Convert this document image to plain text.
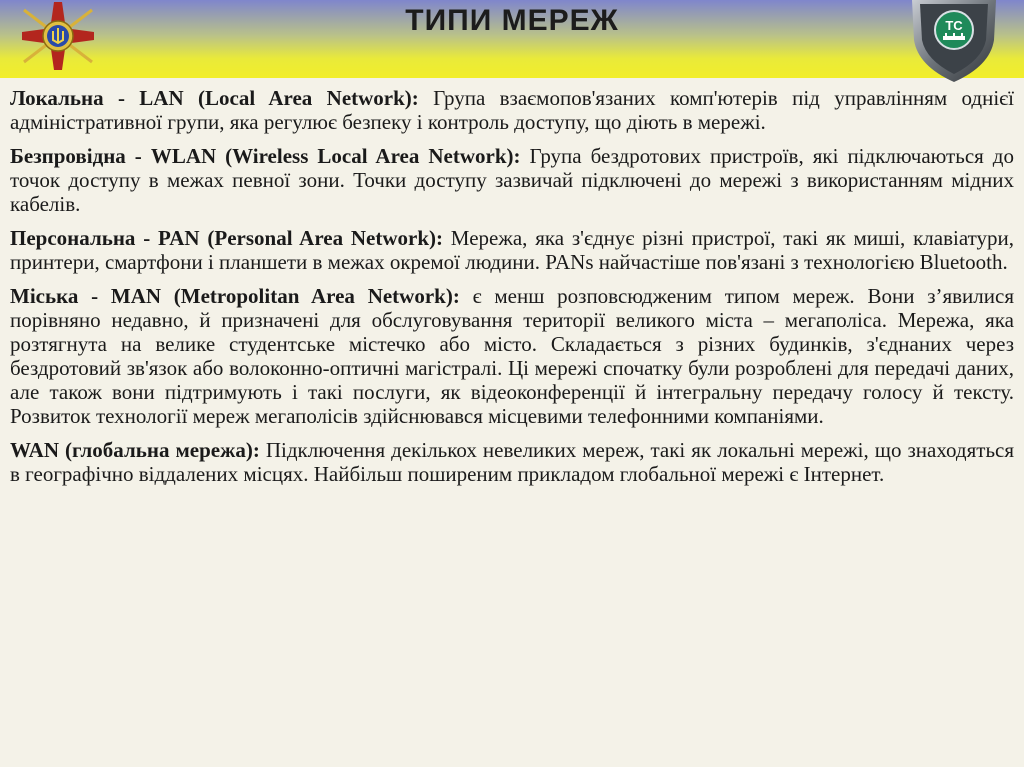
ТИПИ МЕРЕЖ	ТС

Локальна - LAN (Local Area Network): Група взаємопов'язаних комп'ютерів під управлінням однієї адміністративної групи, яка регулює безпеку і контроль доступу, що діють в мережі.

Безпровідна - WLAN (Wireless Local Area Network): Група бездротових пристроїв, які підключаються до точок доступу в межах певної зони. Точки доступу зазвичай підключені до мережі з використанням мідних кабелів.

Персональна - PAN (Personal Area Network): Мережа, яка з'єднує різні пристрої, такі як миші, клавіатури, принтери, смартфони і планшети в межах окремої людини. PANs найчастіше пов'язані з технологією Bluetooth.

Міська - MAN (Metropolitan Area Network): є менш розповсюдженим типом мереж. Вони з’явилися порівняно недавно, й призначені для обслуговування території великого міста – мегаполіса. Мережа, яка розтягнута на велике студентське містечко або місто. Складається з різних будинків, з'єднаних через бездротовий зв'язок або волоконно-оптичні магістралі. Ці мережі спочатку були розроблені для передачі даних, але також вони підтримують і такі послуги, як відеоконференції й інтегральну передачу голосу й тексту. Розвиток технології мереж мегаполісів здійснювався місцевими телефонними компаніями.

WAN (глобальна мережа): Підключення декількох невеликих мереж, такі як локальні мережі, що знаходяться в географічно віддалених місцях. Найбільш поширеним прикладом глобальної мережі є Інтернет.
